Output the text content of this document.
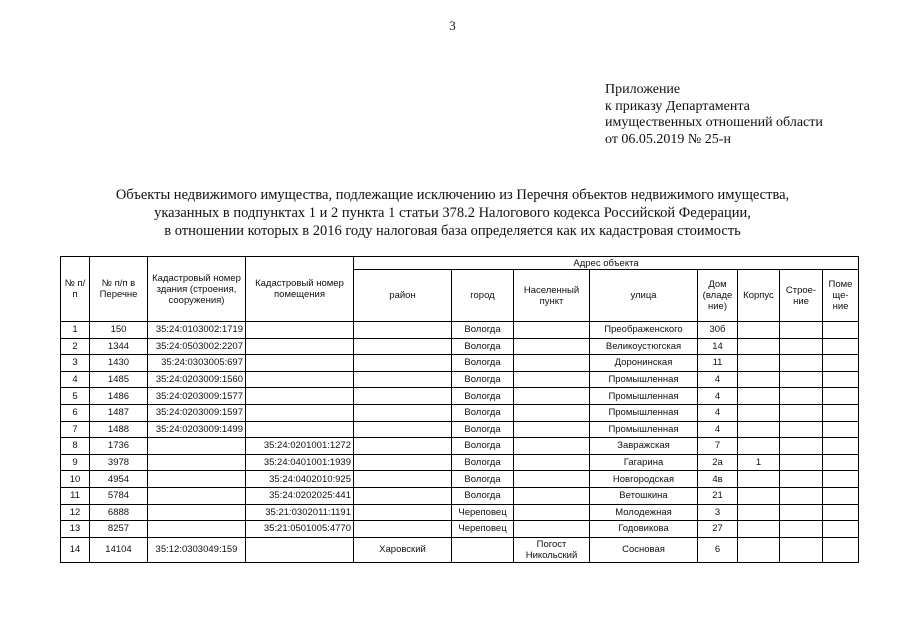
3
Приложение
к приказу Департамента
имущественных отношений области
от 06.05.2019 № 25-н
Объекты недвижимого имущества, подлежащие исключению из Перечня объектов недвижимого имущества,
указанных в подпунктах 1 и 2 пункта 1 статьи 378.2 Налогового кодекса Российской Федерации,
в отношении которых в 2016 году налоговая база определяется как их кадастровая стоимость
№ п/п	№ п/п в Перечне	Кадастровый номер здания (строения, сооружения)	Кадастровый номер помещения	Адрес объекта							
				район	город	Населенный пункт	улица	Дом (владе ние)	Корпус	Строе-ние	Поме ще-ние
1	150	35:24:0103002:1719			Вологда		Преображенского	30б			
2	1344	35:24:0503002:2207			Вологда		Великоустюгская	14			
3	1430	35:24:0303005:697			Вологда		Доронинская	11			
4	1485	35:24:0203009:1560			Вологда		Промышленная	4			
5	1486	35:24:0203009:1577			Вологда		Промышленная	4			
6	1487	35:24:0203009:1597			Вологда		Промышленная	4			
7	1488	35:24:0203009:1499			Вологда		Промышленная	4			
8	1736		35:24:0201001:1272		Вологда		Завражская	7			
9	3978		35:24:0401001:1939		Вологда		Гагарина	2а	1		
10	4954		35:24:0402010:925		Вологда		Новгородская	4в			
11	5784		35:24:0202025:441		Вологда		Ветошкина	21			
12	6888		35:21:0302011:1191		Череповец		Молодежная	3			
13	8257		35:21:0501005:4770		Череповец		Годовикова	27			
14	14104	35:12:0303049:159		Харовский		Погост Никольский	Сосновая	6			
